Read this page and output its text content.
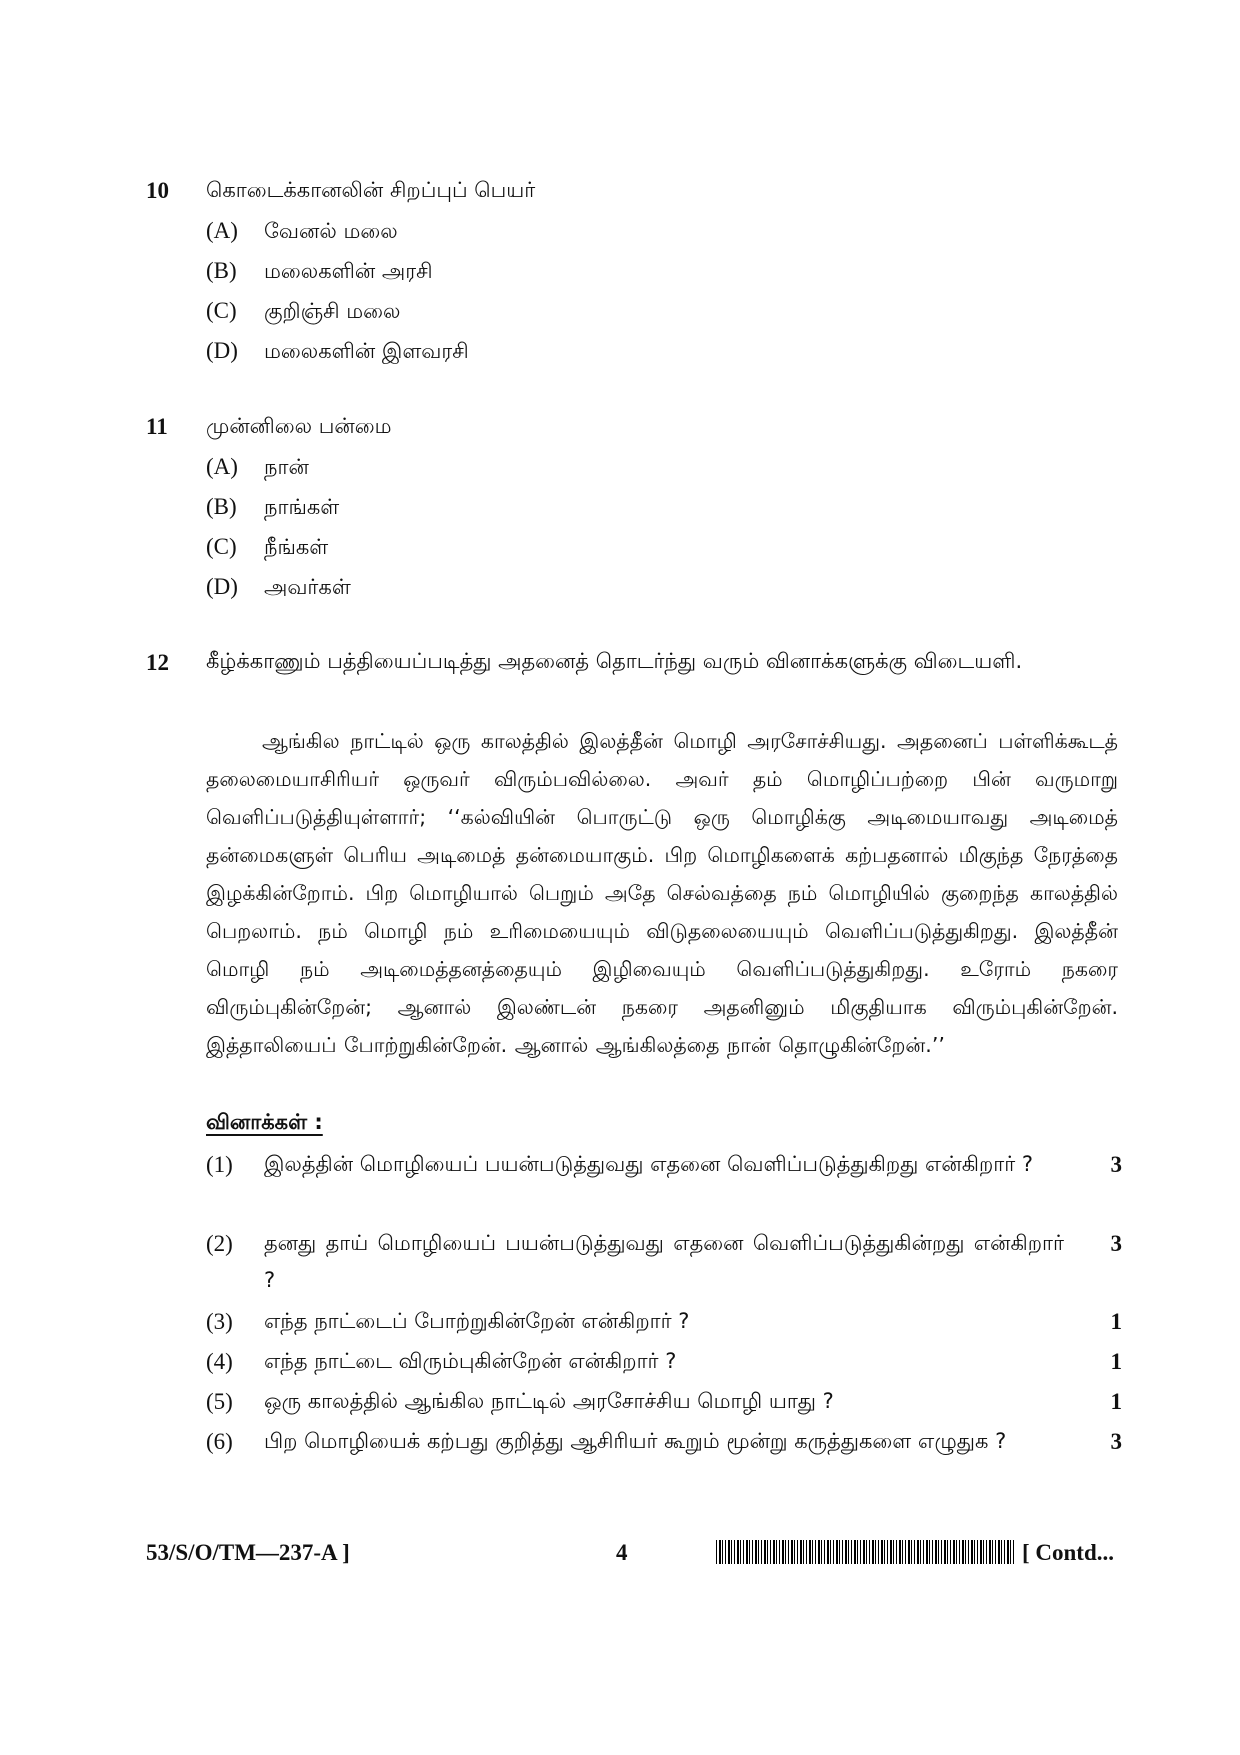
10 கொடைக்கானலின் சிறப்புப் பெயர்
(A) வேனல் மலை
(B) மலைகளின் அரசி
(C) குறிஞ்சி மலை
(D) மலைகளின் இளவரசி
11 முன்னிலை பன்மை
(A) நான்
(B) நாங்கள்
(C) நீங்கள்
(D) அவர்கள்
12 கீழ்க்காணும் பத்தியைப்படித்து அதனைத் தொடர்ந்து வரும் வினாக்களுக்கு விடையளி.
ஆங்கில நாட்டில் ஒரு காலத்தில் இலத்தீன் மொழி அரசோச்சியது. அதனைப் பள்ளிக்கூடத் தலைமையாசிரியர் ஒருவர் விரும்பவில்லை. அவர் தம் மொழிப்பற்றை பின் வருமாறு வெளிப்படுத்தியுள்ளார்; ‘‘கல்வியின் பொருட்டு ஒரு மொழிக்கு அடிமையாவது அடிமைத் தன்மைகளுள் பெரிய அடிமைத் தன்மையாகும். பிற மொழிகளைக் கற்பதனால் மிகுந்த நேரத்தை இழக்கின்றோம். பிற மொழியால் பெறும் அதே செல்வத்தை நம் மொழியில் குறைந்த காலத்தில் பெறலாம். நம் மொழி நம் உரிமையையும் விடுதலையையும் வெளிப்படுத்துகிறது. இலத்தீன் மொழி நம் அடிமைத்தனத்தையும் இழிவையும் வெளிப்படுத்துகிறது. உரோம் நகரை விரும்புகின்றேன்; ஆனால் இலண்டன் நகரை அதனினும் மிகுதியாக விரும்புகின்றேன். இத்தாலியைப் போற்றுகின்றேன். ஆனால் ஆங்கிலத்தை நான் தொழுகின்றேன்.’’
வினாக்கள் :
(1) இலத்தின் மொழியைப் பயன்படுத்துவது எதனை வெளிப்படுத்துகிறது என்கிறார் ?	3
(2) தனது தாய் மொழியைப் பயன்படுத்துவது எதனை வெளிப்படுத்துகின்றது என்கிறார் ?
3
(3) எந்த நாட்டைப் போற்றுகின்றேன் என்கிறார் ?	1
(4) எந்த நாட்டை விரும்புகின்றேன் என்கிறார் ?	1
(5) ஒரு காலத்தில் ஆங்கில நாட்டில் அரசோச்சிய மொழி யாது ?	1
(6) பிற மொழியைக் கற்பது குறித்து ஆசிரியர் கூறும் மூன்று கருத்துகளை எழுதுக ?	3
53/S/O/TM—237-A ]	4	[ Contd...
